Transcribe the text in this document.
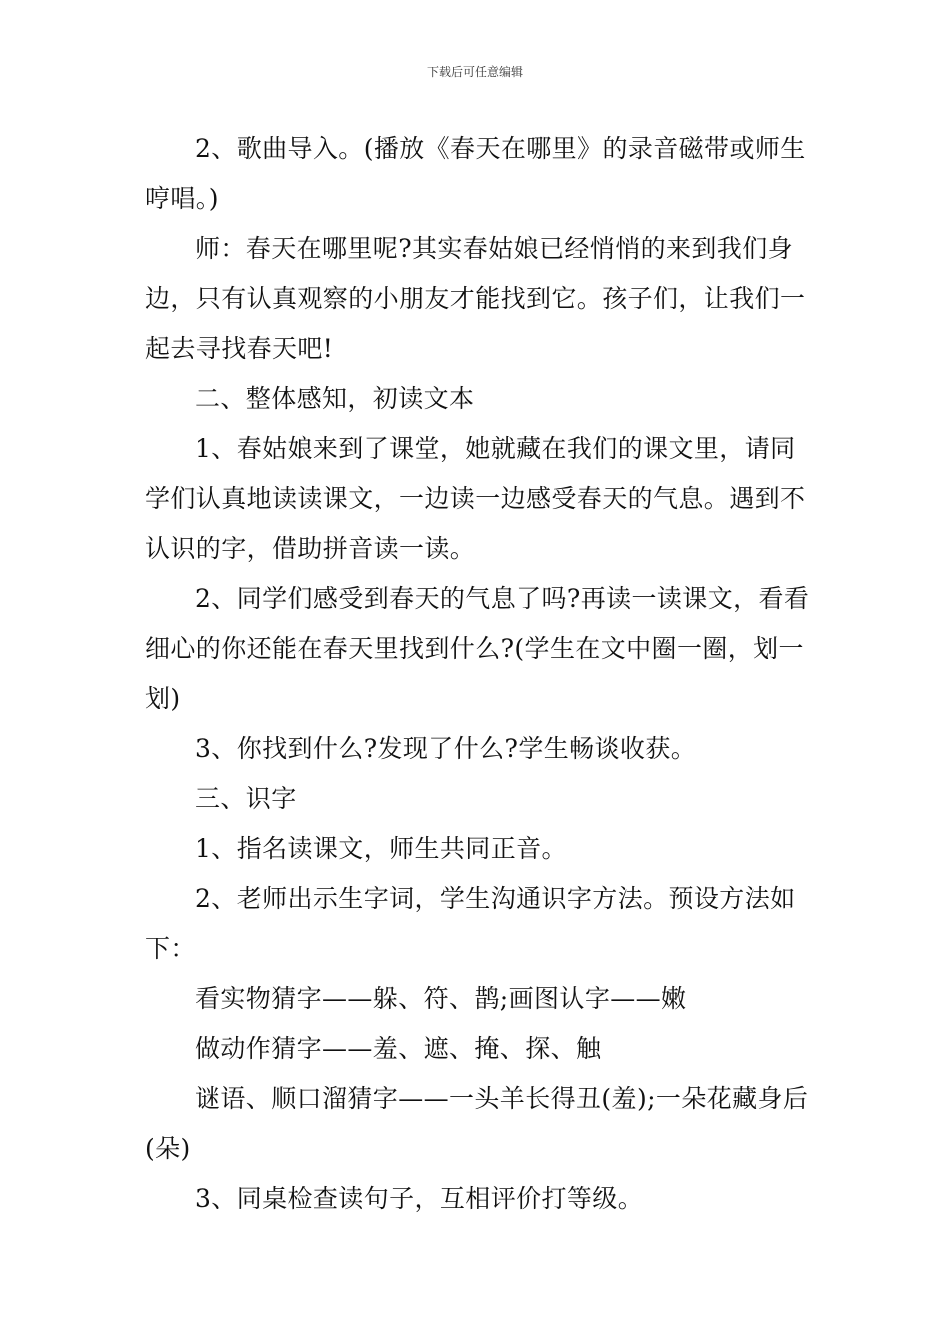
下载后可任意编辑

2、歌曲导入。(播放《春天在哪里》的录音磁带或师生哼唱。)

师：春天在哪里呢?其实春姑娘已经悄悄的来到我们身边，只有认真观察的小朋友才能找到它。孩子们，让我们一起去寻找春天吧!

二、整体感知，初读文本

1、春姑娘来到了课堂，她就藏在我们的课文里，请同学们认真地读读课文，一边读一边感受春天的气息。遇到不认识的字，借助拼音读一读。

2、同学们感受到春天的气息了吗?再读一读课文，看看细心的你还能在春天里找到什么?(学生在文中圈一圈，划一划)

3、你找到什么?发现了什么?学生畅谈收获。

三、识字

1、指名读课文，师生共同正音。

2、老师出示生字词，学生沟通识字方法。预设方法如下：

看实物猜字——躲、符、鹊;画图认字——嫩

做动作猜字——羞、遮、掩、探、触

谜语、顺口溜猜字——一头羊长得丑(羞);一朵花藏身后(朵)

3、同桌检查读句子，互相评价打等级。
